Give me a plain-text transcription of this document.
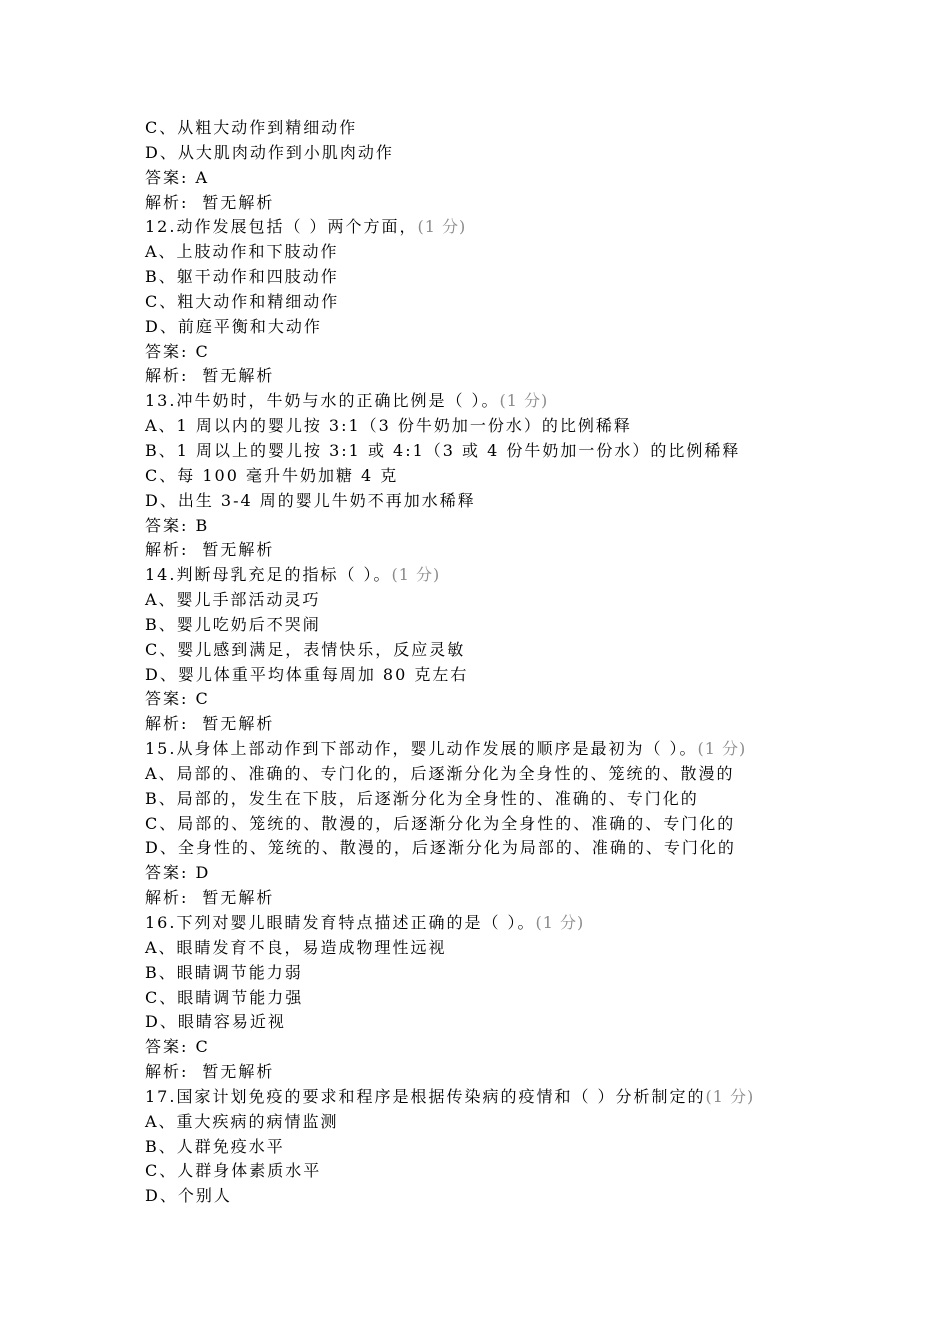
C、从粗大动作到精细动作
D、从大肌肉动作到小肌肉动作
答案: A
解析: 暂无解析
12.动作发展包括（ ）两个方面，(1 分)
A、上肢动作和下肢动作
B、躯干动作和四肢动作
C、粗大动作和精细动作
D、前庭平衡和大动作
答案: C
解析: 暂无解析
13.冲牛奶时，牛奶与水的正确比例是（ ）。(1 分)
A、1 周以内的婴儿按 3:1（3 份牛奶加一份水）的比例稀释
B、1 周以上的婴儿按 3:1 或 4:1（3 或 4 份牛奶加一份水）的比例稀释
C、每 100 毫升牛奶加糖 4 克
D、出生 3-4 周的婴儿牛奶不再加水稀释
答案: B
解析: 暂无解析
14.判断母乳充足的指标（ ）。(1 分)
A、婴儿手部活动灵巧
B、婴儿吃奶后不哭闹
C、婴儿感到满足，表情快乐，反应灵敏
D、婴儿体重平均体重每周加 80 克左右
答案: C
解析: 暂无解析
15.从身体上部动作到下部动作，婴儿动作发展的顺序是最初为（ ）。(1 分)
A、局部的、准确的、专门化的，后逐渐分化为全身性的、笼统的、散漫的
B、局部的，发生在下肢，后逐渐分化为全身性的、准确的、专门化的
C、局部的、笼统的、散漫的，后逐渐分化为全身性的、准确的、专门化的
D、全身性的、笼统的、散漫的，后逐渐分化为局部的、准确的、专门化的
答案: D
解析: 暂无解析
16.下列对婴儿眼睛发育特点描述正确的是（ ）。(1 分)
A、眼睛发育不良，易造成物理性远视
B、眼睛调节能力弱
C、眼睛调节能力强
D、眼睛容易近视
答案: C
解析: 暂无解析
17.国家计划免疫的要求和程序是根据传染病的疫情和（ ）分析制定的(1 分)
A、重大疾病的病情监测
B、人群免疫水平
C、人群身体素质水平
D、个别人
